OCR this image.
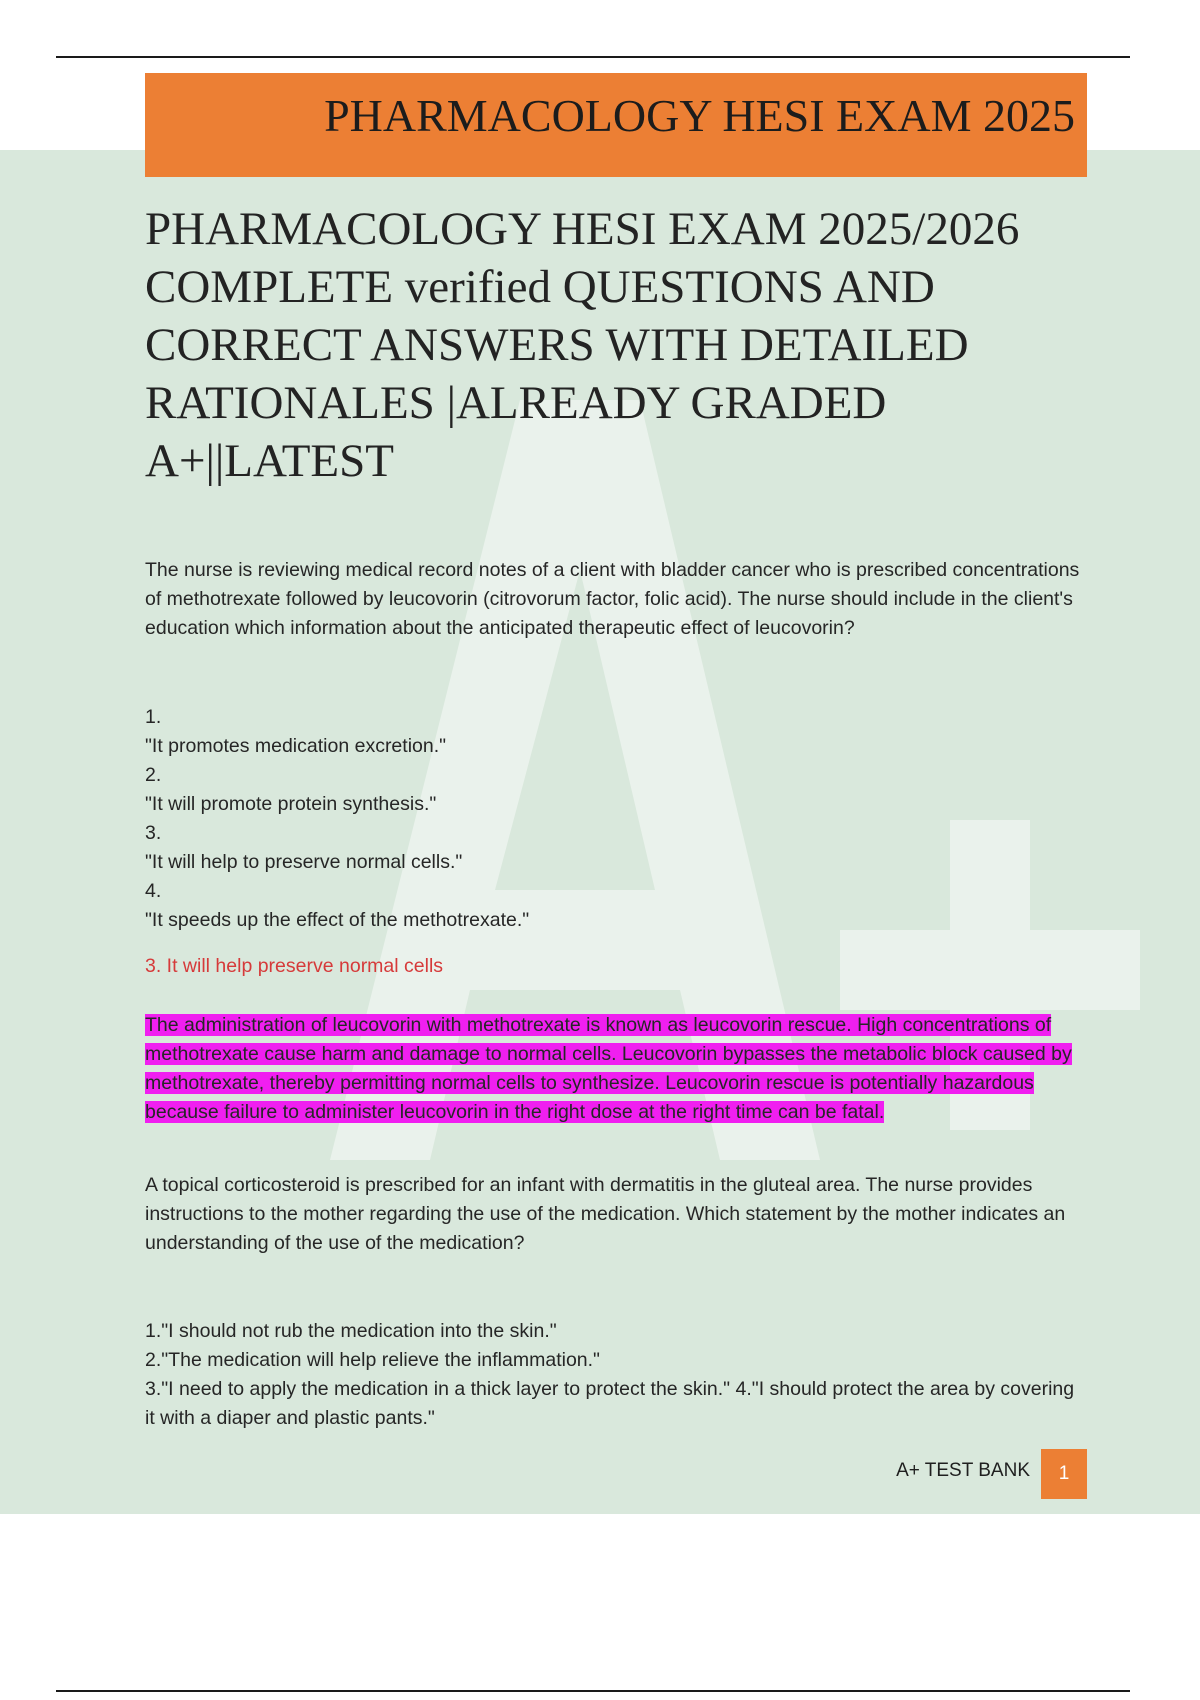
PHARMACOLOGY HESI EXAM 2025
PHARMACOLOGY HESI EXAM 2025/2026 COMPLETE verified QUESTIONS AND CORRECT ANSWERS WITH DETAILED RATIONALES |ALREADY GRADED A+||LATEST

The nurse is reviewing medical record notes of a client with bladder cancer who is prescribed concentrations of methotrexate followed by leucovorin (citrovorum factor, folic acid). The nurse should include in the client's education which information about the anticipated therapeutic effect of leucovorin?

1.
"It promotes medication excretion."
2.
"It will promote protein synthesis."
3.
"It will help to preserve normal cells."
4.
"It speeds up the effect of the methotrexate."

3. It will help preserve normal cells

The administration of leucovorin with methotrexate is known as leucovorin rescue. High concentrations of methotrexate cause harm and damage to normal cells. Leucovorin bypasses the metabolic block caused by methotrexate, thereby permitting normal cells to synthesize. Leucovorin rescue is potentially hazardous because failure to administer leucovorin in the right dose at the right time can be fatal.

A topical corticosteroid is prescribed for an infant with dermatitis in the gluteal area. The nurse provides instructions to the mother regarding the use of the medication. Which statement by the mother indicates an understanding of the use of the medication?

1."I should not rub the medication into the skin."
2."The medication will help relieve the inflammation."
3."I need to apply the medication in a thick layer to protect the skin." 4."I should protect the area by covering it with a diaper and plastic pants."
A+ TEST BANK	1
